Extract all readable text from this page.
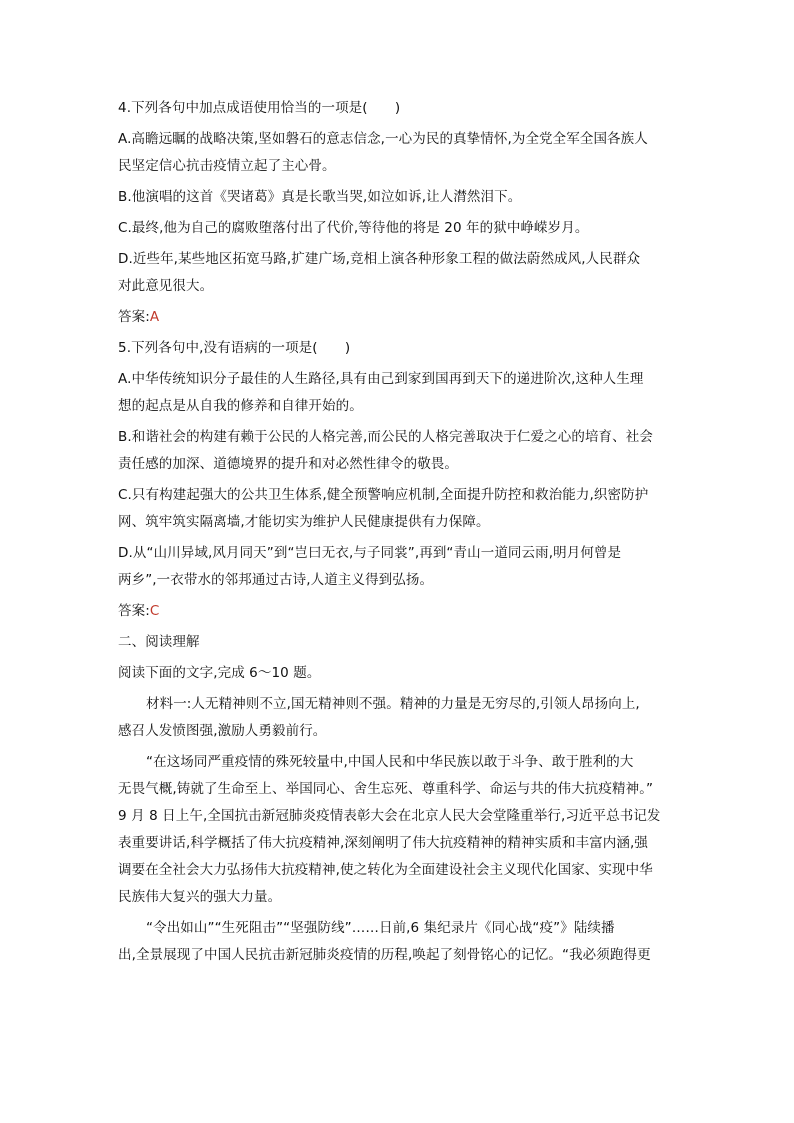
4.下列各句中加点成语使用恰当的一项是(　　)

A.高瞻远瞩的战略决策,坚如磐石的意志信念,一心为民的真挚情怀,为全党全军全国各族人

民坚定信心抗击疫情立起了主心骨。

B.他演唱的这首《哭诸葛》真是长歌当哭,如泣如诉,让人潸然泪下。

C.最终,他为自己的腐败堕落付出了代价,等待他的将是 20 年的狱中峥嵘岁月。

D.近些年,某些地区拓宽马路,扩建广场,竞相上演各种形象工程的做法蔚然成风,人民群众

对此意见很大。

答案:A

5.下列各句中,没有语病的一项是(　　)

A.中华传统知识分子最佳的人生路径,具有由己到家到国再到天下的递进阶次,这种人生理

想的起点是从自我的修养和自律开始的。

B.和谐社会的构建有赖于公民的人格完善,而公民的人格完善取决于仁爱之心的培育、社会

责任感的加深、道德境界的提升和对必然性律令的敬畏。

C.只有构建起强大的公共卫生体系,健全预警响应机制,全面提升防控和救治能力,织密防护

网、筑牢筑实隔离墙,才能切实为维护人民健康提供有力保障。

D.从“山川异域,风月同天”到“岂曰无衣,与子同裳”,再到“青山一道同云雨,明月何曾是

两乡”,一衣带水的邻邦通过古诗,人道主义得到弘扬。

答案:C

二、阅读理解

阅读下面的文字,完成 6～10 题。

材料一:人无精神则不立,国无精神则不强。精神的力量是无穷尽的,引领人昂扬向上,

感召人发愤图强,激励人勇毅前行。

“在这场同严重疫情的殊死较量中,中国人民和中华民族以敢于斗争、敢于胜利的大

无畏气概,铸就了生命至上、举国同心、舍生忘死、尊重科学、命运与共的伟大抗疫精神。”

9 月 8 日上午,全国抗击新冠肺炎疫情表彰大会在北京人民大会堂隆重举行,习近平总书记发

表重要讲话,科学概括了伟大抗疫精神,深刻阐明了伟大抗疫精神的精神实质和丰富内涵,强

调要在全社会大力弘扬伟大抗疫精神,使之转化为全面建设社会主义现代化国家、实现中华

民族伟大复兴的强大力量。

“令出如山”“生死阻击”“坚强防线”……日前,6 集纪录片《同心战“疫”》陆续播

出,全景展现了中国人民抗击新冠肺炎疫情的历程,唤起了刻骨铭心的记忆。“我必须跑得更
